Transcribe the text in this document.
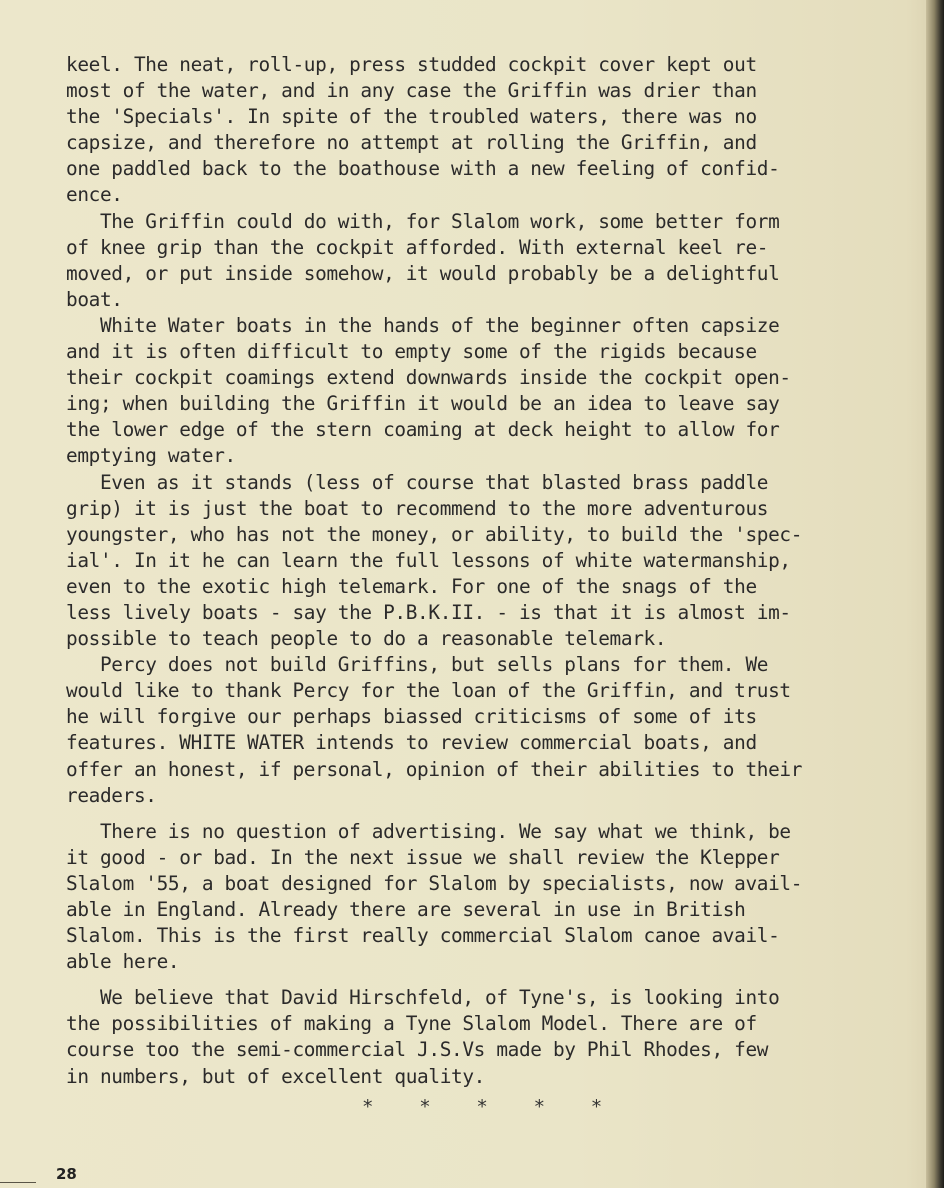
keel. The neat, roll-up, press studded cockpit cover kept out

most of the water, and in any case the Griffin was drier than

the 'Specials'. In spite of the troubled waters, there was no

capsize, and therefore no attempt at rolling the Griffin, and

one paddled back to the boathouse with a new feeling of confid-

ence.

The Griffin could do with, for Slalom work, some better form

of knee grip than the cockpit afforded. With external keel re-

moved, or put inside somehow, it would probably be a delightful

boat.

White Water boats in the hands of the beginner often capsize

and it is often difficult to empty some of the rigids because

their cockpit coamings extend downwards inside the cockpit open-

ing; when building the Griffin it would be an idea to leave say

the lower edge of the stern coaming at deck height to allow for

emptying water.

Even as it stands (less of course that blasted brass paddle

grip) it is just the boat to recommend to the more adventurous

youngster, who has not the money, or ability, to build the 'spec-

ial'. In it he can learn the full lessons of white watermanship,

even to the exotic high telemark. For one of the snags of the

less lively boats - say the P.B.K.II. - is that it is almost im-

possible to teach people to do a reasonable telemark.

Percy does not build Griffins, but sells plans for them. We

would like to thank Percy for the loan of the Griffin, and trust

he will forgive our perhaps biassed criticisms of some of its

features. WHITE WATER intends to review commercial boats, and

offer an honest, if personal, opinion of their abilities to their

readers.

There is no question of advertising. We say what we think, be

it good - or bad. In the next issue we shall review the Klepper

Slalom '55, a boat designed for Slalom by specialists, now avail-

able in England. Already there are several in use in British

Slalom. This is the first really commercial Slalom canoe avail-

able here.

We believe that David Hirschfeld, of Tyne's, is looking into

the possibilities of making a Tyne Slalom Model. There are of

course too the semi-commercial J.S.Vs made by Phil Rhodes, few

in numbers, but of excellent quality.

*    *    *    *    *
28
